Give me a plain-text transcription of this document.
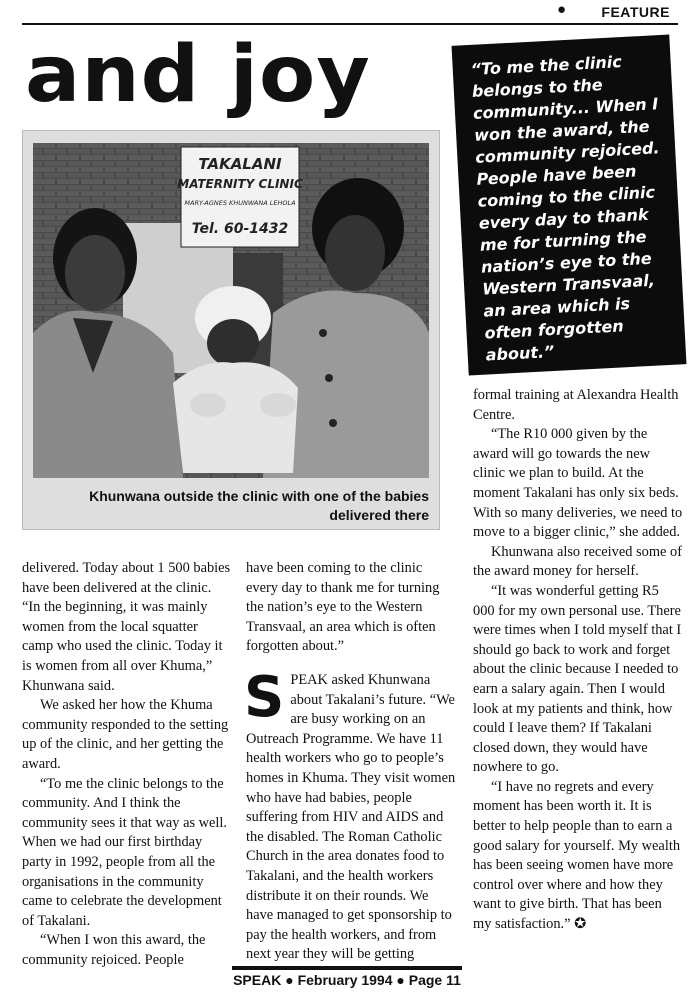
●	FEATURE
and joy
TAKALANI
MATERNITY CLINIC
MARY-AGNES KHUNWANA LEHOLA
Tel. 60-1432
Khunwana outside the clinic with one of the babies delivered there
“To me the clinic belongs to the community... When I won the award, the community rejoiced. People have been coming to the clinic every day to thank me for turning the nation’s eye to the Western Transvaal, an area which is often forgotten about.”

delivered. Today about 1 500 babies have been delivered at the clinic. “In the beginning, it was mainly women from the local squatter camp who used the clinic. Today it is women from all over Khuma,” Khunwana said.

We asked her how the Khuma community responded to the setting up of the clinic, and her getting the award.

“To me the clinic belongs to the community. And I think the community sees it that way as well. When we had our first birthday party in 1992, people from all the organisations in the community came to celebrate the development of Takalani.

“When I won this award, the community rejoiced. People

have been coming to the clinic every day to thank me for turning the nation’s eye to the Western Transvaal, an area which is often forgotten about.”

SPEAK asked Khunwana about Takalani’s future. “We are busy working on an Outreach Programme. We have 11 health workers who go to people’s homes in Khuma. They visit women who have had babies, people suffering from HIV and AIDS and the disabled. The Roman Catholic Church in the area donates food to Takalani, and the health workers distribute it on their rounds. We have managed to get sponsorship to pay the health workers, and from next year they will be getting

formal training at Alexandra Health Centre.

“The R10 000 given by the award will go towards the new clinic we plan to build. At the moment Takalani has only six beds. With so many deliveries, we need to move to a bigger clinic,” she added.

Khunwana also received some of the award money for herself.

“It was wonderful getting R5 000 for my own personal use. There were times when I told myself that I should go back to work and forget about the clinic because I needed to earn a salary again. Then I would look at my patients and think, how could I leave them? If Takalani closed down, they would have nowhere to go.

“I have no regrets and every moment has been worth it. It is better to help people than to earn a good salary for yourself. My wealth has been seeing women have more control over where and how they want to give birth. That has been my satisfaction.” ✪

SPEAK ● February 1994 ● Page 11
